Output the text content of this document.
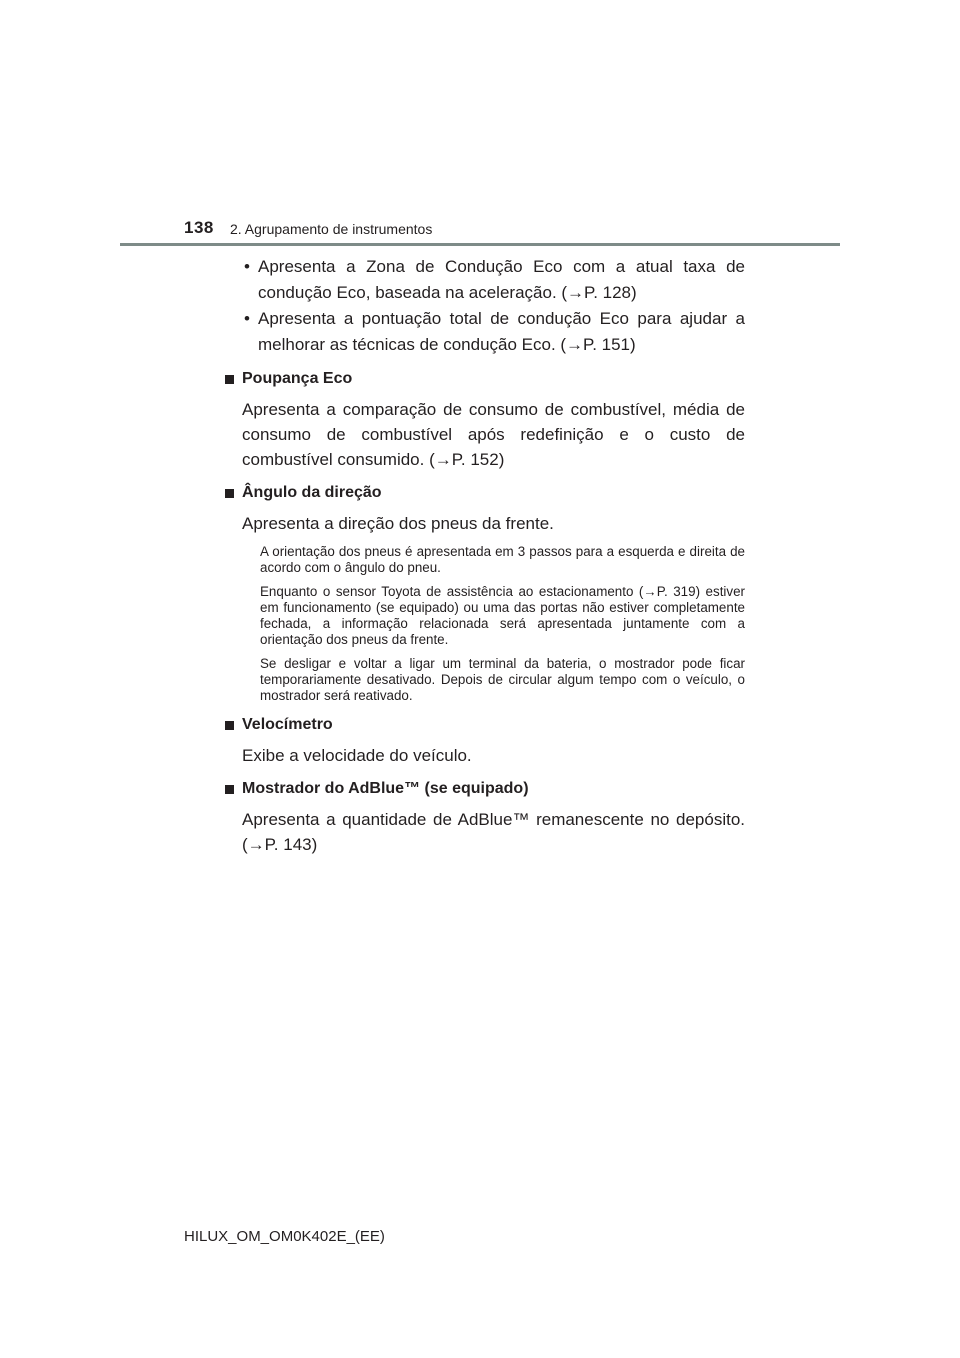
138 2. Agrupamento de instrumentos
• Apresenta a Zona de Condução Eco com a atual taxa de condução Eco, baseada na aceleração. (→P. 128)
• Apresenta a pontuação total de condução Eco para ajudar a melhorar as técnicas de condução Eco. (→P. 151)
Poupança Eco
Apresenta a comparação de consumo de combustível, média de consumo de combustível após redefinição e o custo de combustível consumido. (→P. 152)
Ângulo da direção
Apresenta a direção dos pneus da frente.
A orientação dos pneus é apresentada em 3 passos para a esquerda e direita de acordo com o ângulo do pneu.
Enquanto o sensor Toyota de assistência ao estacionamento (→P. 319) estiver em funcionamento (se equipado) ou uma das portas não estiver completamente fechada, a informação relacionada será apresentada juntamente com a orientação dos pneus da frente.
Se desligar e voltar a ligar um terminal da bateria, o mostrador pode ficar temporariamente desativado. Depois de circular algum tempo com o veículo, o mostrador será reativado.
Velocímetro
Exibe a velocidade do veículo.
Mostrador do AdBlue™ (se equipado)
Apresenta a quantidade de AdBlue™ remanescente no depósito. (→P. 143)
HILUX_OM_OM0K402E_(EE)
